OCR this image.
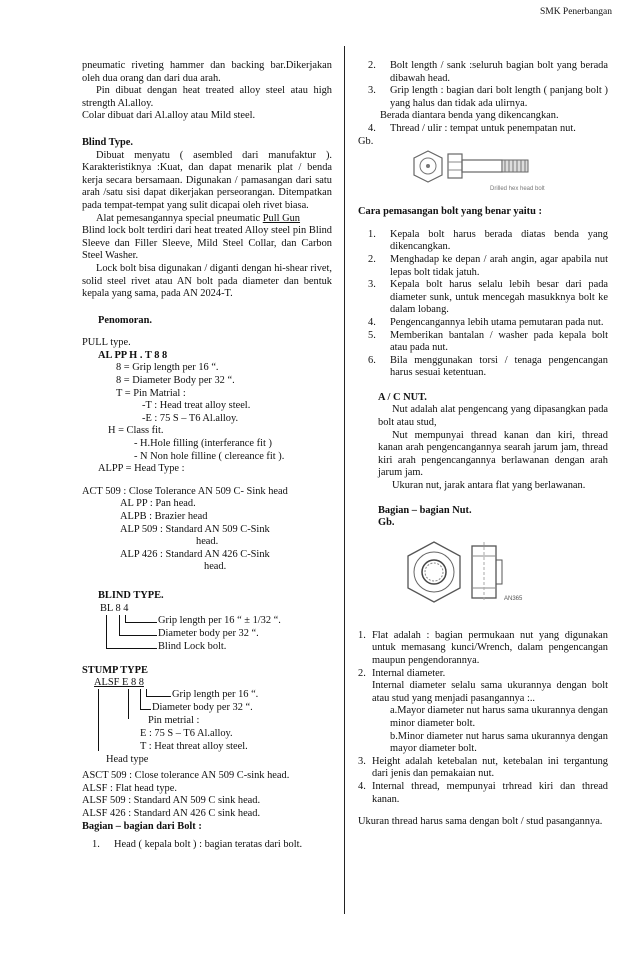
SMK Penerbangan

pneumatic riveting hammer dan backing bar.Dikerjakan oleh dua orang dan dari dua arah.

Pin dibuat dengan heat treated alloy steel atau high strength Al.alloy.

Colar dibuat dari Al.alloy atau Mild steel.

Blind Type.

Dibuat menyatu ( asembled dari manufaktur ). Karakteristiknya :Kuat, dan dapat menarik plat / benda kerja secara bersamaan. Digunakan / pamasangan dari satu arah /satu sisi dapat dikerjakan perseorangan. Ditempatkan pada tempat-tempat yang sulit dicapai oleh rivet biasa.

Alat pemesangannya special pneumatic Pull Gun

Blind lock bolt terdiri dari heat treated Alloy steel pin Blind Sleeve dan Filler Sleeve, Mild Steel Collar, dan Carbon Steel Washer.

Lock bolt bisa digunakan / diganti dengan hi-shear rivet, solid steel rivet atau AN bolt pada diameter dan bentuk kepala yang sama, pada AN 2024-T.

Penomoran.

PULL type.

AL PP H . T 8 8

8 = Grip length per 16 “.

8 = Diameter Body per 32 “.

T = Pin Matrial :

-T : Head treat alloy steel.

-E : 75 S – T6 Al.alloy.

H = Class fit.

- H.Hole filling (interferance fit )

- N Non hole filline ( clereance fit ).

ALPP = Head Type :

ACT 509 : Close Tolerance AN 509 C- Sink head

AL PP : Pan head.

ALPB : Brazier head

ALP 509 : Standard AN 509 C-Sink

head.

ALP 426 : Standard AN 426 C-Sink

head.

BLIND TYPE.

BL 8 4
Grip length per 16 “ ± 1/32 “.
Diameter body per 32 “.
Blind Lock bolt.

STUMP TYPE

ALSF E 8 8
Grip length per 16 “.
Diameter body per 32 “.
Pin metrial :
E : 75 S – T6 Al.alloy.
T : Heat threat alloy steel.
Head type

ASCT 509 : Close tolerance AN 509 C-sink head.

ALSF : Flat head type.

ALSF 509 : Standard AN 509 C sink head.

ALSF 426 : Standard AN 426 C sink head.

Bagian – bagian dari Bolt :

1. Head ( kepala bolt ) : bagian teratas dari bolt.
2. Bolt length / sank :seluruh bagian bolt yang berada dibawah head.
3. Grip length : bagian dari bolt length ( panjang bolt ) yang halus dan tidak ada ulirnya.

Berada diantara benda yang dikencangkan.

4. Thread / ulir : tempat untuk penempatan nut.

Gb.

Drilled hex head bolt

Cara pemasangan bolt yang benar yaitu :

1. Kepala bolt harus berada diatas benda yang dikencangkan.
2. Menghadap ke depan / arah angin, agar apabila nut lepas bolt tidak jatuh.
3. Kepala bolt harus selalu lebih besar dari pada diameter sunk, untuk mencegah masukknya bolt ke dalam lobang.
4. Pengencangannya lebih utama pemutaran pada nut.
5. Memberikan bantalan / washer pada kepala bolt atau pada nut.
6. Bila menggunakan torsi / tenaga pengencangan harus sesuai ketentuan.

A / C NUT.

Nut adalah alat pengencang yang dipasangkan pada bolt atau stud,

Nut mempunyai thread kanan dan kiri, thread kanan arah pengencangannya searah jarum jam, thread kiri arah pengencangannya berlawanan dengan arah jarum jam.

Ukuran nut, jarak antara flat yang berlawanan.

Bagian – bagian Nut.

Gb.

AN365
1. Flat adalah : bagian permukaan nut yang digunakan untuk memasang kunci/Wrench, dalam pengencangan maupun pengendorannya.
2. Internal diameter.

Internal diameter selalu sama ukurannya dengan bolt atau stud yang menjadi pasangannya :..

a.Mayor diameter nut harus sama ukurannya dengan minor diameter bolt.

b.Minor diameter nut harus sama ukurannya dengan mayor diameter bolt.

3. Height adalah ketebalan nut, ketebalan ini tergantung dari jenis dan pemakaian nut.
4. Internal thread, mempunyai trhread kiri dan thread kanan.

Ukuran thread harus sama dengan bolt / stud pasangannya.
